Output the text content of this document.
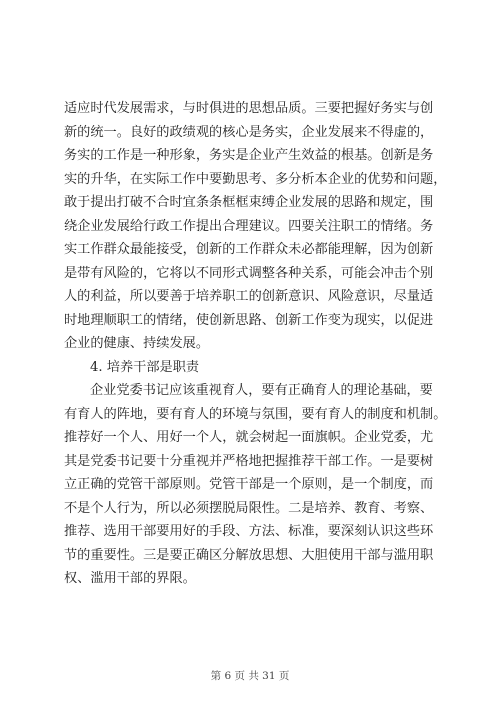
适应时代发展需求，与时俱进的思想品质。三要把握好务实与创
新的统一。良好的政绩观的核心是务实，企业发展来不得虚的，
务实的工作是一种形象，务实是企业产生效益的根基。创新是务
实的升华，在实际工作中要勤思考、多分析本企业的优势和问题，
敢于提出打破不合时宜条条框框束缚企业发展的思路和规定，围
绕企业发展给行政工作提出合理建议。四要关注职工的情绪。务
实工作群众最能接受，创新的工作群众未必都能理解，因为创新
是带有风险的，它将以不同形式调整各种关系，可能会冲击个别
人的利益，所以要善于培养职工的创新意识、风险意识，尽量适
时地理顺职工的情绪，使创新思路、创新工作变为现实，以促进
企业的健康、持续发展。
4. 培养干部是职责
企业党委书记应该重视育人，要有正确育人的理论基础，要
有育人的阵地，要有育人的环境与氛围，要有育人的制度和机制。
推荐好一个人、用好一个人，就会树起一面旗帜。企业党委，尤
其是党委书记要十分重视并严格地把握推荐干部工作。一是要树
立正确的党管干部原则。党管干部是一个原则，是一个制度，而
不是个人行为，所以必须摆脱局限性。二是培养、教育、考察、
推荐、选用干部要用好的手段、方法、标准，要深刻认识这些环
节的重要性。三是要正确区分解放思想、大胆使用干部与滥用职
权、滥用干部的界限。
第 6 页 共 31 页
